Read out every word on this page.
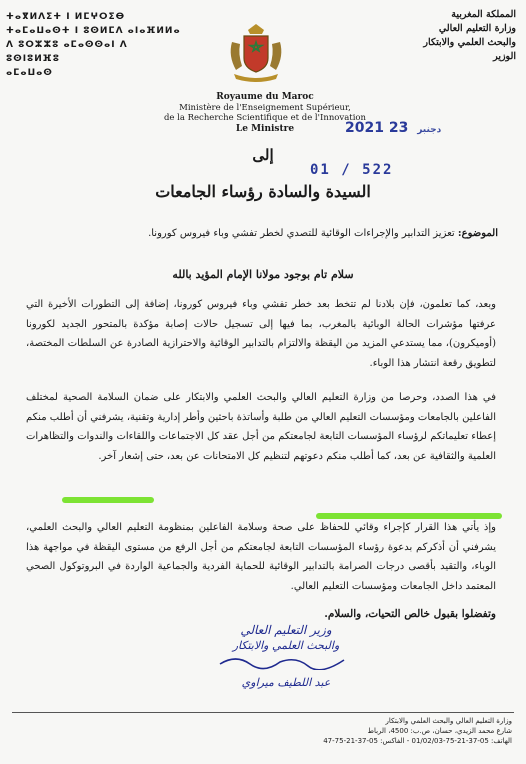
المملكة المغربية
وزارة التعليم العالي
والبحث العلمي والابتكار
الوزير
ⵜⴰⴳⵍⴷⵉⵜ ⵏ ⵍⵎⵖⵔⵉⴱ
ⵜⴰⵎⴰⵡⴰⵙⵜ ⵏ ⵓⵙⵍⵎⴷ ⴰⵏⴰⴼⵍⵍⴰ
ⴷ ⵓⵔⵣⵣⵓ ⴰⵎⴰⵙⵙⴰⵏ ⴷ ⵓⵙⵏⵓⵍⴼⵓ
ⴰⵎⴰⵡⴰⵙ
Royaume du Maroc
Ministère de l'Enseignement Supérieur,
de la Recherche Scientifique et de l'Innovation
Le Ministre	2021	دجنبر 23
إلى
01 / 522
السيدة والسادة رؤساء الجامعات
الموضوع: تعزيز التدابير والإجراءات الوقائية للتصدي لخطر تفشي وباء فيروس كورونا.
سلام تام بوجود مولانا الإمام المؤيد بالله
وبعد، كما تعلمون، فإن بلادنا لم تتخط بعد خطر تفشي وباء فيروس كورونا، إضافة إلى التطورات الأخيرة التي عرفتها مؤشرات الحالة الوبائية بالمغرب، بما فيها إلى تسجيل حالات إصابة مؤكدة بالمتحور الجديد لكورونا (أوميكرون)، مما يستدعي المزيد من اليقظة والالتزام بالتدابير الوقائية والاحترازية الصادرة عن السلطات المختصة، لتطويق رقعة انتشار هذا الوباء.
في هذا الصدد، وحرصا من وزارة التعليم العالي والبحث العلمي والابتكار على ضمان السلامة الصحية لمختلف الفاعلين بالجامعات ومؤسسات التعليم العالي من طلبة وأساتذة باحثين وأطر إدارية وتقنية، يشرفني أن أطلب منكم إعطاء تعليماتكم لرؤساء المؤسسات التابعة لجامعتكم من أجل عقد كل الاجتماعات واللقاءات والندوات والتظاهرات العلمية والثقافية عن بعد، كما أطلب منكم دعوتهم لتنظيم كل الامتحانات عن بعد، حتى إشعار آخر.
وإذ يأتي هذا القرار كإجراء وقائي للحفاظ على صحة وسلامة الفاعلين بمنظومة التعليم العالي والبحث العلمي، يشرفني أن أذكركم بدعوة رؤساء المؤسسات التابعة لجامعتكم من أجل الرفع من مستوى اليقظة في مواجهة هذا الوباء، والتقيد بأقصى درجات الصرامة بالتدابير الوقائية للحماية الفردية والجماعية الواردة في البروتوكول الصحي المعتمد داخل الجامعات ومؤسسات التعليم العالي.
وتفضلوا بقبول خالص التحيات، والسلام.
وزير التعليم العالي
والبحث العلمي والابتكار
عبد اللطيف ميراوي
وزارة التعليم العالي والبحث العلمي والابتكار
شارع محمد الزيدي، حسان، ص.ب: 4500، الرباط
الهاتف: 05-37-21-75-01/02/03 - الفاكس: 05-37-21-75-47
